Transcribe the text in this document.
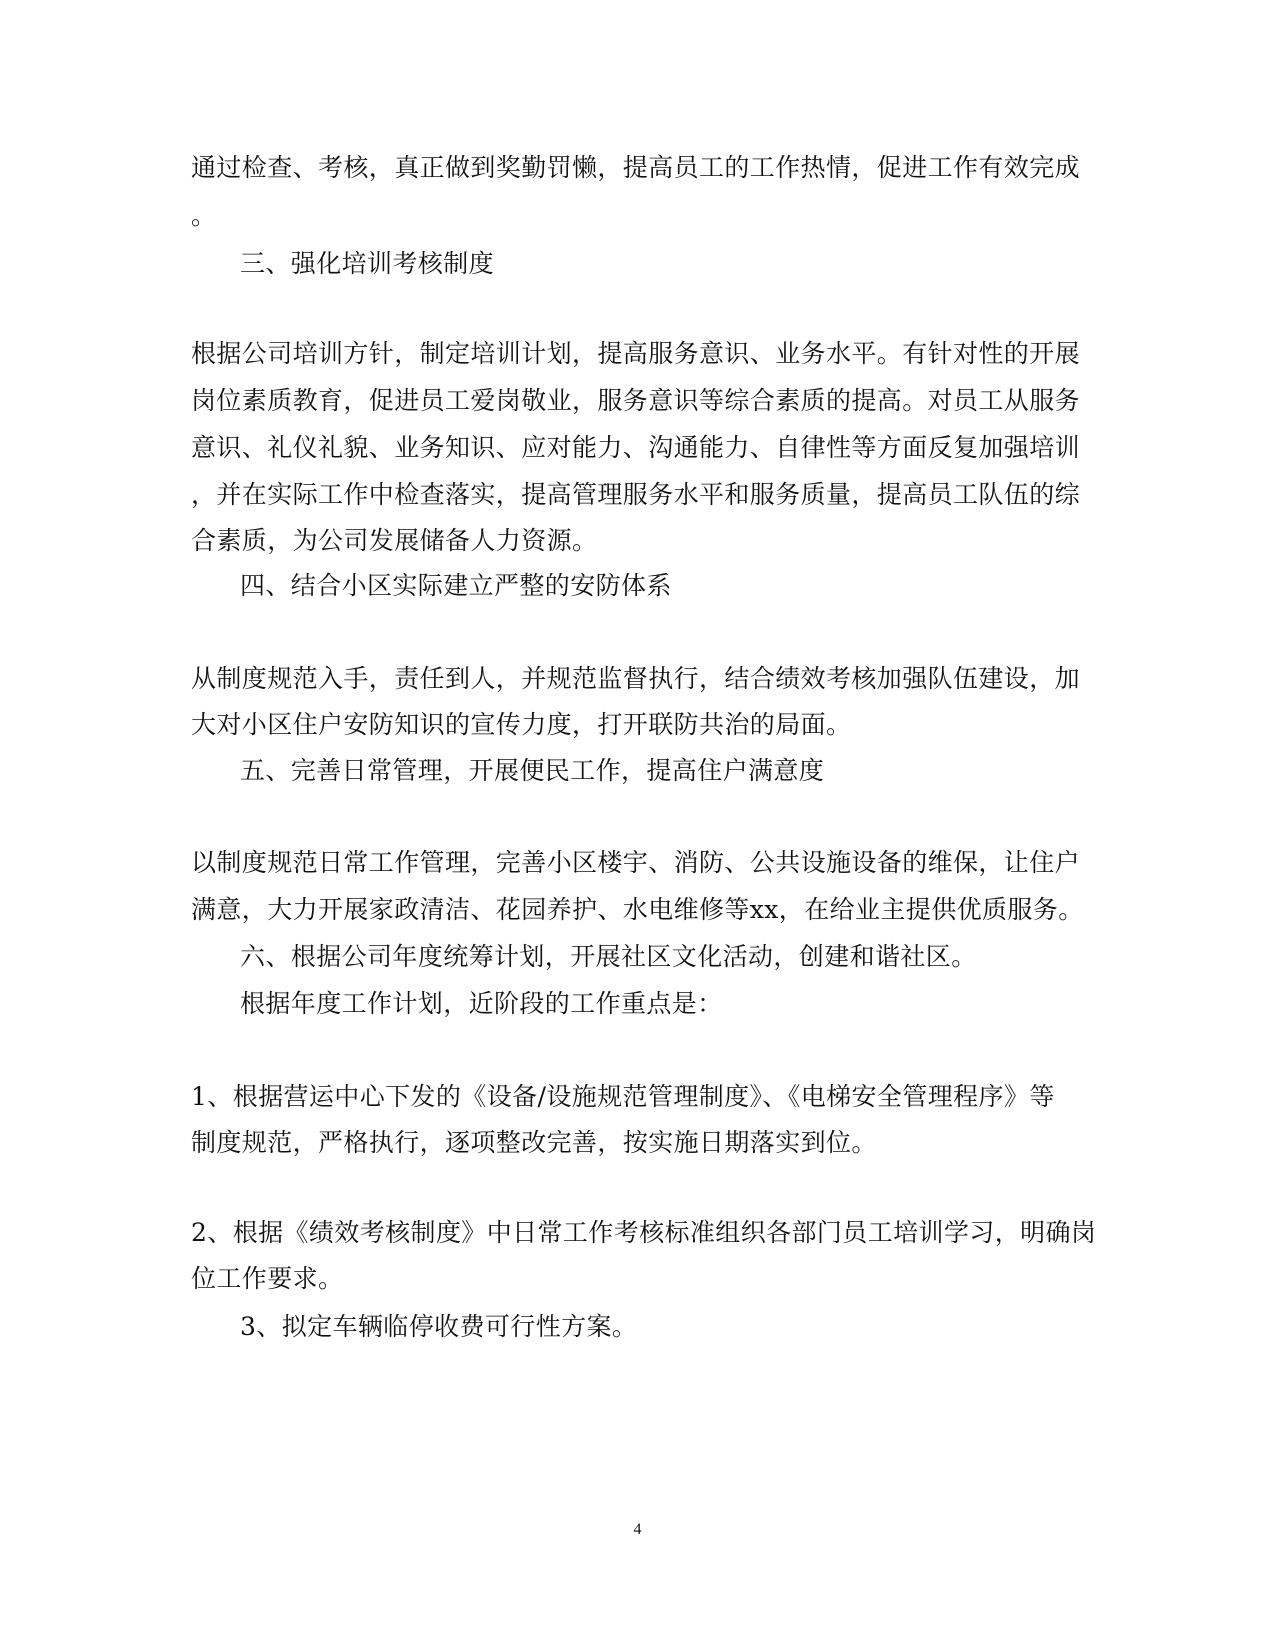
通过检查、考核，真正做到奖勤罚懒，提高员工的工作热情，促进工作有效完成

。

三、强化培训考核制度

根据公司培训方针，制定培训计划，提高服务意识、业务水平。有针对性的开展

岗位素质教育，促进员工爱岗敬业，服务意识等综合素质的提高。对员工从服务

意识、礼仪礼貌、业务知识、应对能力、沟通能力、自律性等方面反复加强培训

，并在实际工作中检查落实，提高管理服务水平和服务质量，提高员工队伍的综

合素质，为公司发展储备人力资源。

四、结合小区实际建立严整的安防体系

从制度规范入手，责任到人，并规范监督执行，结合绩效考核加强队伍建设，加

大对小区住户安防知识的宣传力度，打开联防共治的局面。

五、完善日常管理，开展便民工作，提高住户满意度

以制度规范日常工作管理，完善小区楼宇、消防、公共设施设备的维保，让住户

满意，大力开展家政清洁、花园养护、水电维修等xx，在给业主提供优质服务。

六、根据公司年度统筹计划，开展社区文化活动，创建和谐社区。

根据年度工作计划，近阶段的工作重点是：

1、根据营运中心下发的《设备/设施规范管理制度》、《电梯安全管理程序》等

制度规范，严格执行，逐项整改完善，按实施日期落实到位。

2、根据《绩效考核制度》中日常工作考核标准组织各部门员工培训学习，明确岗

位工作要求。

3、拟定车辆临停收费可行性方案。

4
